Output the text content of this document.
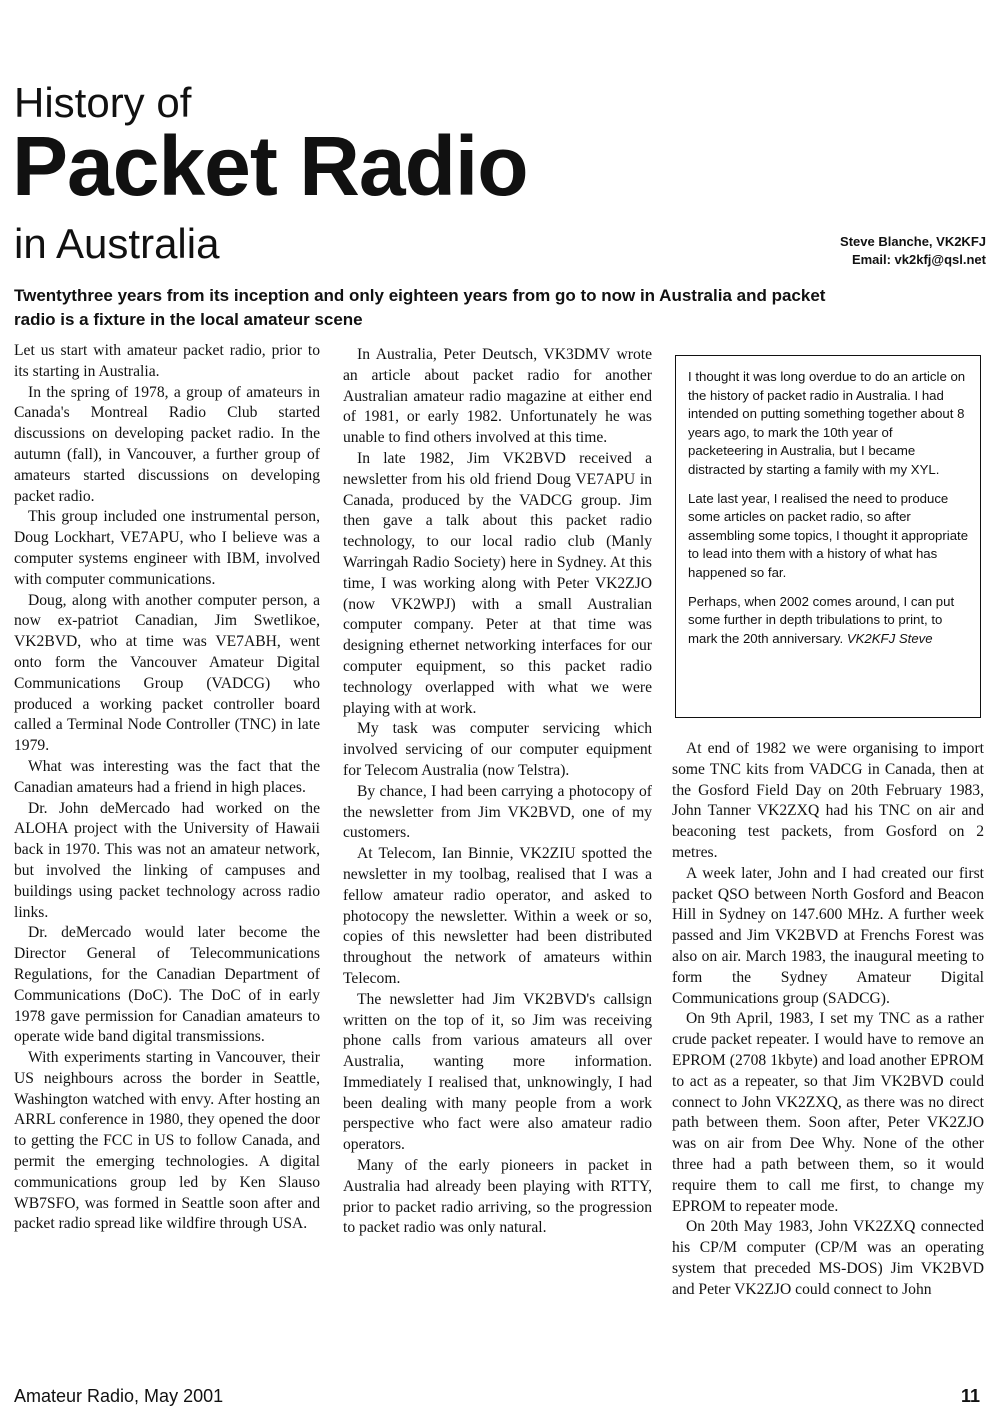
History of
Packet Radio
in Australia	Steve Blanche, VK2KFJ
Email: vk2kfj@qsl.net

Twentythree years from its inception and only eighteen years from go to now in Australia and packet radio is a fixture in the local amateur scene

Let us start with amateur packet radio, prior to its starting in Australia.

In the spring of 1978, a group of amateurs in Canada's Montreal Radio Club started discussions on developing packet radio. In the autumn (fall), in Vancouver, a further group of amateurs started discussions on developing packet radio.

This group included one instrumental person, Doug Lockhart, VE7APU, who I believe was a computer systems engineer with IBM, involved with computer communications.

Doug, along with another computer person, a now ex-patriot Canadian, Jim Swetlikoe, VK2BVD, who at time was VE7ABH, went onto form the Vancouver Amateur Digital Communications Group (VADCG) who produced a working packet controller board called a Terminal Node Controller (TNC) in late 1979.

What was interesting was the fact that the Canadian amateurs had a friend in high places.

Dr. John deMercado had worked on the ALOHA project with the University of Hawaii back in 1970. This was not an amateur network, but involved the linking of campuses and buildings using packet technology across radio links.

Dr. deMercado would later become the Director General of Telecommunications Regulations, for the Canadian Department of Communications (DoC). The DoC of in early 1978 gave permission for Canadian amateurs to operate wide band digital transmissions.

With experiments starting in Vancouver, their US neighbours across the border in Seattle, Washington watched with envy. After hosting an ARRL conference in 1980, they opened the door to getting the FCC in US to follow Canada, and permit the emerging technologies. A digital communications group led by Ken Slauso WB7SFO, was formed in Seattle soon after and packet radio spread like wildfire through USA.

In Australia, Peter Deutsch, VK3DMV wrote an article about packet radio for another Australian amateur radio magazine at either end of 1981, or early 1982. Unfortunately he was unable to find others involved at this time.

In late 1982, Jim VK2BVD received a newsletter from his old friend Doug VE7APU in Canada, produced by the VADCG group. Jim then gave a talk about this packet radio technology, to our local radio club (Manly Warringah Radio Society) here in Sydney. At this time, I was working along with Peter VK2ZJO (now VK2WPJ) with a small Australian computer company. Peter at that time was designing ethernet networking interfaces for our computer equipment, so this packet radio technology overlapped with what we were playing with at work.

My task was computer servicing which involved servicing of our computer equipment for Telecom Australia (now Telstra).

By chance, I had been carrying a photocopy of the newsletter from Jim VK2BVD, one of my customers.

At Telecom, Ian Binnie, VK2ZIU spotted the newsletter in my toolbag, realised that I was a fellow amateur radio operator, and asked to photocopy the newsletter. Within a week or so, copies of this newsletter had been distributed throughout the network of amateurs within Telecom.

The newsletter had Jim VK2BVD's callsign written on the top of it, so Jim was receiving phone calls from various amateurs all over Australia, wanting more information. Immediately I realised that, unknowingly, I had been dealing with many people from a work perspective who fact were also amateur radio operators.

Many of the early pioneers in packet in Australia had already been playing with RTTY, prior to packet radio arriving, so the progression to packet radio was only natural.

I thought it was long overdue to do an article on the history of packet radio in Australia. I had intended on putting something together about 8 years ago, to mark the 10th year of packeteering in Australia, but I became distracted by starting a family with my XYL.

Late last year, I realised the need to produce some articles on packet radio, so after assembling some topics, I thought it appropriate to lead into them with a history of what has happened so far.

Perhaps, when 2002 comes around, I can put some further in depth tribulations to print, to mark the 20th anniversary. VK2KFJ Steve

At end of 1982 we were organising to import some TNC kits from VADCG in Canada, then at the Gosford Field Day on 20th February 1983, John Tanner VK2ZXQ had his TNC on air and beaconing test packets, from Gosford on 2 metres.

A week later, John and I had created our first packet QSO between North Gosford and Beacon Hill in Sydney on 147.600 MHz. A further week passed and Jim VK2BVD at Frenchs Forest was also on air. March 1983, the inaugural meeting to form the Sydney Amateur Digital Communications group (SADCG).

On 9th April, 1983, I set my TNC as a rather crude packet repeater. I would have to remove an EPROM (2708 1kbyte) and load another EPROM to act as a repeater, so that Jim VK2BVD could connect to John VK2ZXQ, as there was no direct path between them. Soon after, Peter VK2ZJO was on air from Dee Why. None of the other three had a path between them, so it would require them to call me first, to change my EPROM to repeater mode.

On 20th May 1983, John VK2ZXQ connected his CP/M computer (CP/M was an operating system that preceded MS-DOS) Jim VK2BVD and Peter VK2ZJO could connect to John

Amateur Radio, May 2001	11
